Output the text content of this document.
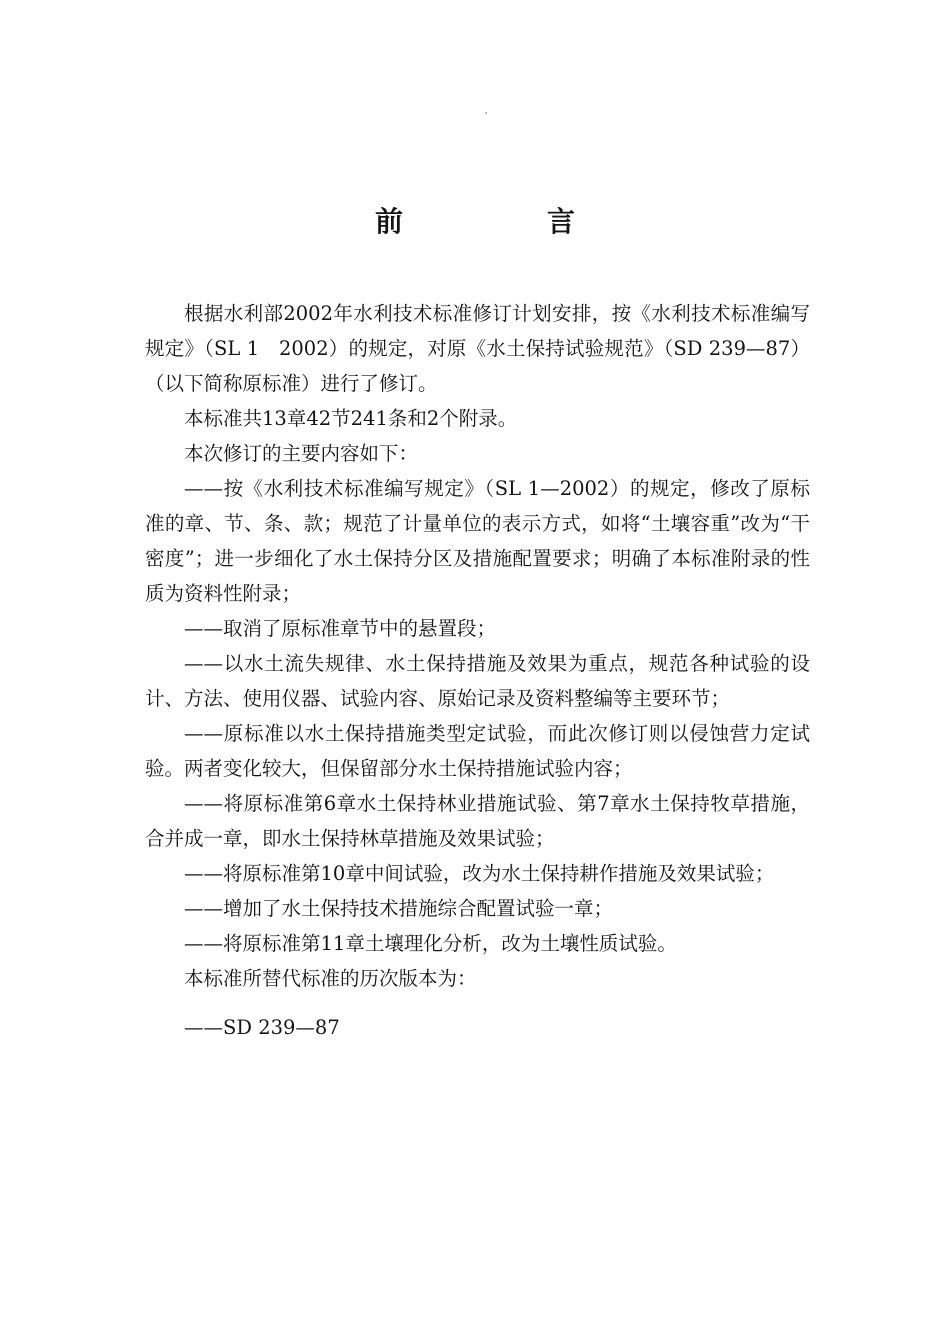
前　言

根据水利部2002年水利技术标准修订计划安排，按《水利技术标准编写规定》（SL 1　2002）的规定，对原《水土保持试验规范》（SD 239—87）（以下简称原标准）进行了修订。

本标准共13章42节241条和2个附录。

本次修订的主要内容如下：

——按《水利技术标准编写规定》（SL 1—2002）的规定，修改了原标准的章、节、条、款；规范了计量单位的表示方式，如将“土壤容重”改为“干密度”；进一步细化了水土保持分区及措施配置要求；明确了本标准附录的性质为资料性附录；

——取消了原标准章节中的悬置段；

——以水土流失规律、水土保持措施及效果为重点，规范各种试验的设计、方法、使用仪器、试验内容、原始记录及资料整编等主要环节；

——原标准以水土保持措施类型定试验，而此次修订则以侵蚀营力定试验。两者变化较大，但保留部分水土保持措施试验内容；

——将原标准第6章水土保持林业措施试验、第7章水土保持牧草措施，合并成一章，即水土保持林草措施及效果试验；

——将原标准第10章中间试验，改为水土保持耕作措施及效果试验；

——增加了水土保持技术措施综合配置试验一章；

——将原标准第11章土壤理化分析，改为土壤性质试验。

本标准所替代标准的历次版本为：

——SD 239—87
